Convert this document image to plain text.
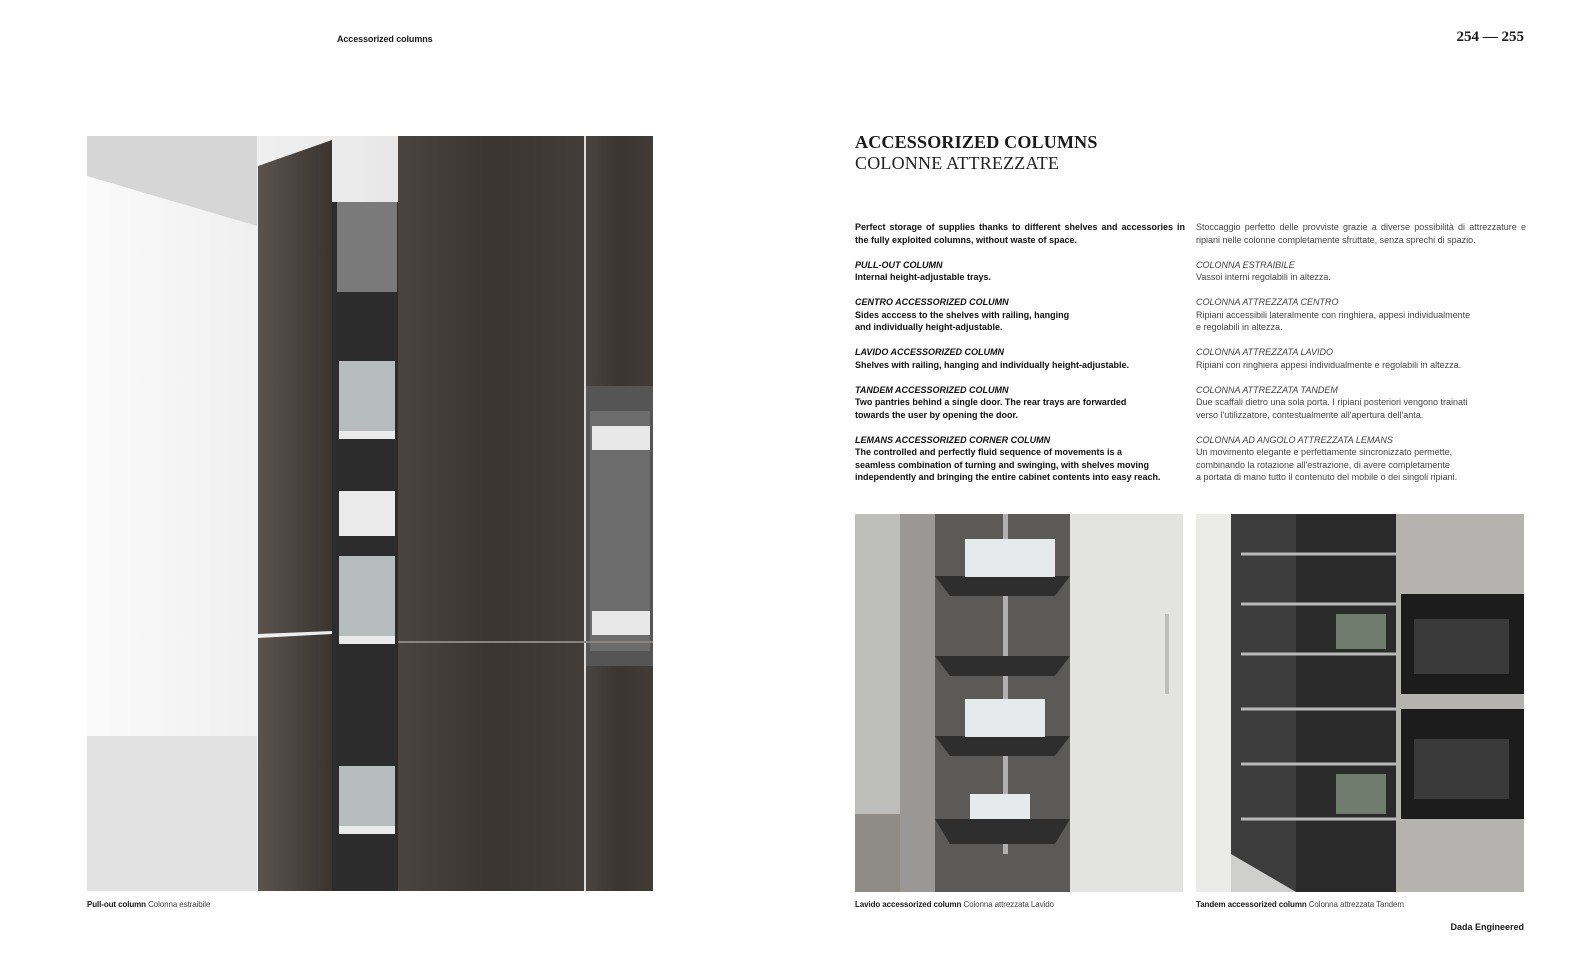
Accessorized columns	254 — 255
Pull-out column Colonna estraibile
ACCESSORIZED COLUMNS
COLONNE ATTREZZATE

Perfect storage of supplies thanks to different shelves and accessories in the fully exploited columns, without waste of space.

PULL-OUT COLUMN
Internal height-adjustable trays.

CENTRO ACCESSORIZED COLUMN
Sides acccess to the shelves with railing, hanging
and individually height-adjustable.

LAVIDO ACCESSORIZED COLUMN
Shelves with railing, hanging and individually height-adjustable.

TANDEM ACCESSORIZED COLUMN
Two pantries behind a single door. The rear trays are forwarded
towards the user by opening the door.

LEMANS ACCESSORIZED CORNER COLUMN
The controlled and perfectly fluid sequence of movements is a
seamless combination of turning and swinging, with shelves moving
independently and bringing the entire cabinet contents into easy reach.

Stoccaggio perfetto delle provviste grazie a diverse possibilità di attrezzature e ripiani nelle colonne completamente sfruttate, senza sprechi di spazio.

COLONNA ESTRAIBILE
Vassoi interni regolabili in altezza.

COLONNA ATTREZZATA CENTRO
Ripiani accessibili lateralmente con ringhiera, appesi individualmente
e regolabili in altezza.

COLONNA ATTREZZATA LAVIDO
Ripiani con ringhiera appesi individualmente e regolabili in altezza.

COLONNA ATTREZZATA TANDEM
Due scaffali dietro una sola porta. I ripiani posteriori vengono trainati
verso l'utilizzatore, contestualmente all'apertura dell'anta.

COLONNA AD ANGOLO ATTREZZATA LEMANS
Un movimento elegante e perfettamente sincronizzato permette,
combinando la rotazione all'estrazione, di avere completamente
a portata di mano tutto il contenuto del mobile o dei singoli ripiani.

Lavido accessorized column Colonna attrezzata Lavido	Tandem accessorized column Colonna attrezzata Tandem
Dada Engineered
